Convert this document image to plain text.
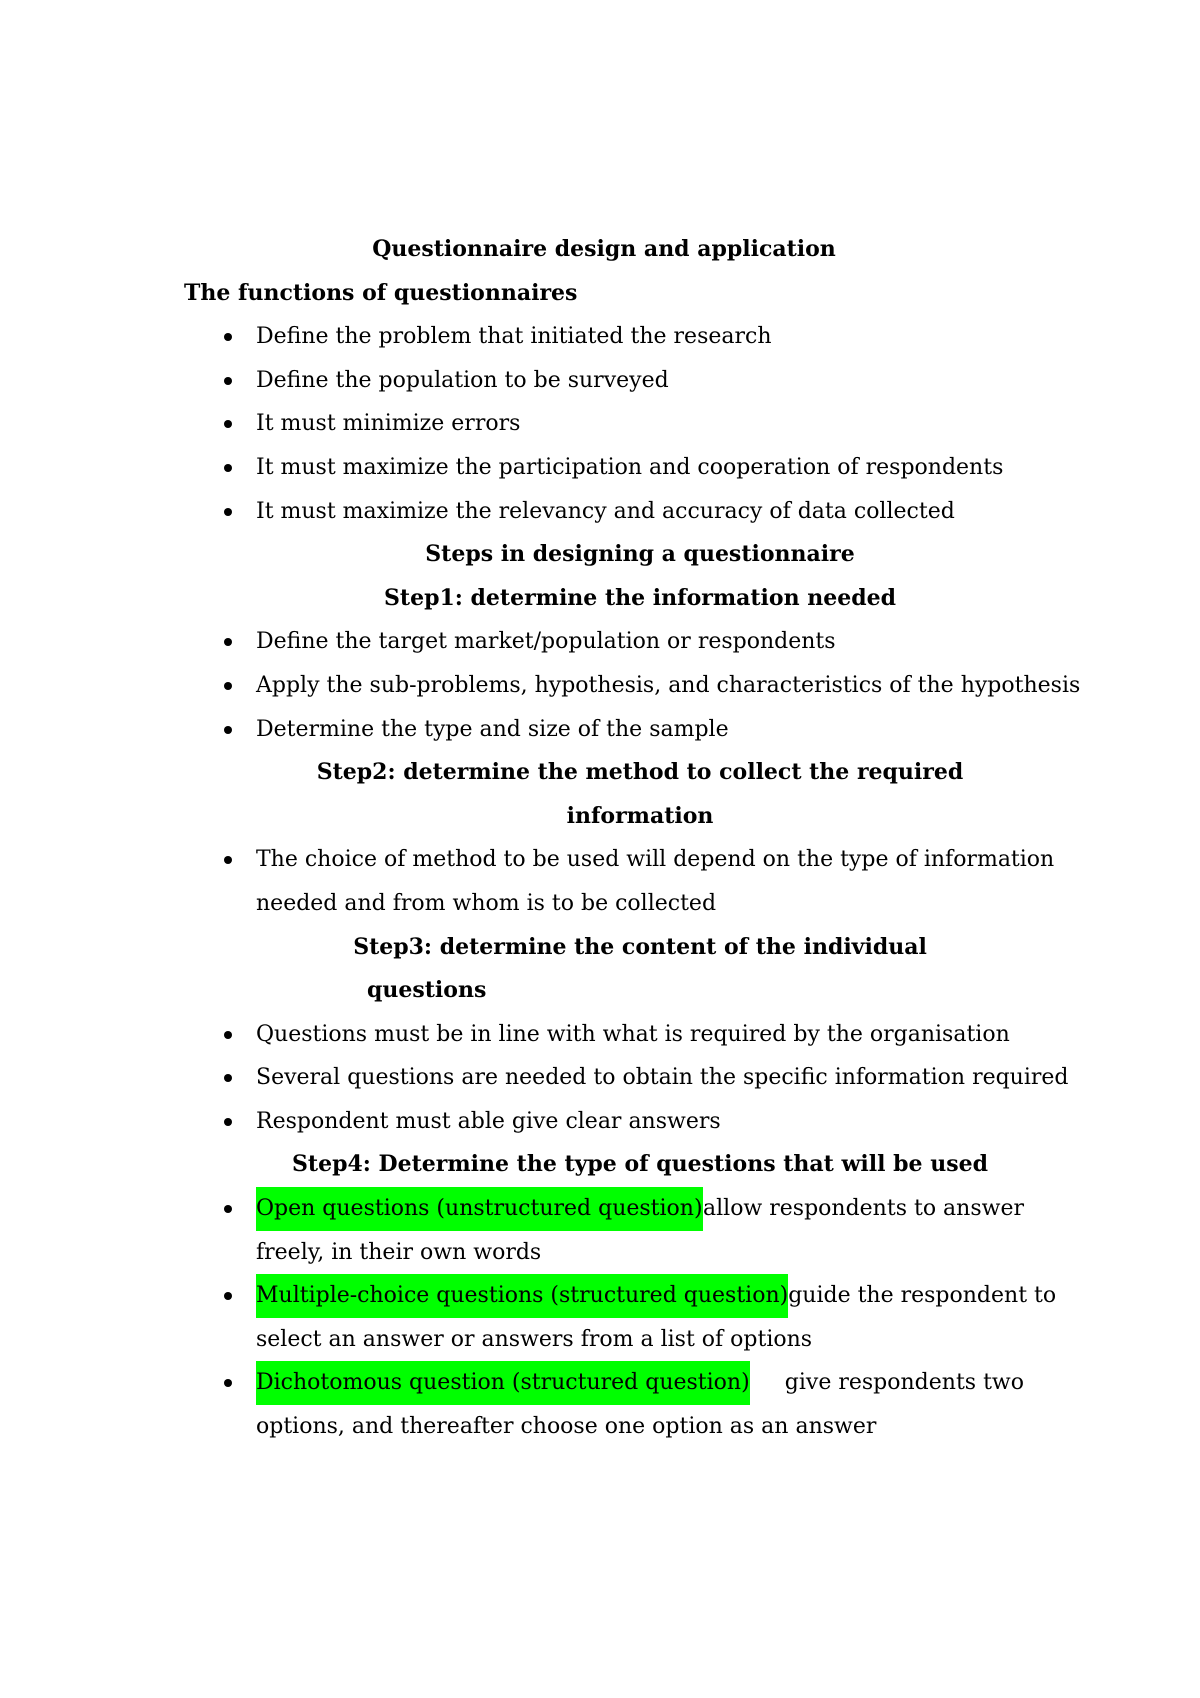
Questionnaire design and application
The functions of questionnaires
Define the problem that initiated the research
Define the population to be surveyed
It must minimize errors
It must maximize the participation and cooperation of respondents
It must maximize the relevancy and accuracy of data collected
Steps in designing a questionnaire
Step1: determine the information needed
Define the target market/population or respondents
Apply the sub-problems, hypothesis, and characteristics of the hypothesis
Determine the type and size of the sample
Step2: determine the method to collect the required
information
The choice of method to be used will depend on the type of information
needed and from whom is to be collected
Step3: determine the content of the individual
questions
Questions must be in line with what is required by the organisation
Several questions are needed to obtain the specific information required
Respondent must able give clear answers
Step4: Determine the type of questions that will be used
Open questions (unstructured question) allow respondents to answer
freely, in their own words
Multiple-choice questions (structured question) guide the respondent to
select an answer or answers from a list of options
Dichotomous question (structured question) give respondents two
options, and thereafter choose one option as an answer
